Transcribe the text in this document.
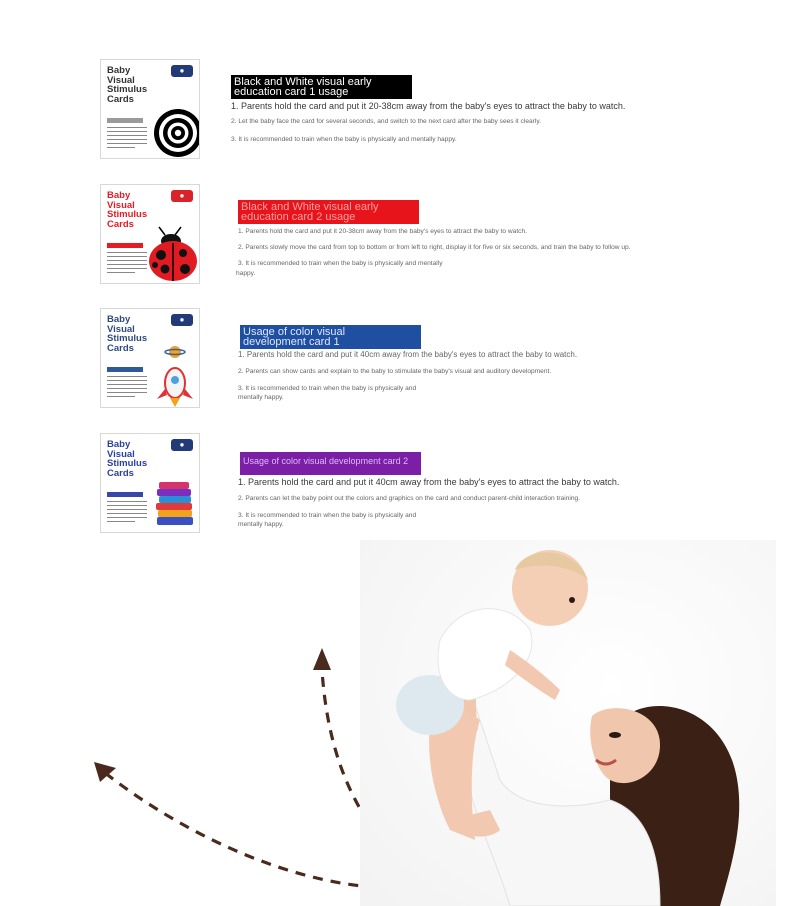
Baby
Visual
Stimulus
Cards
◉
Black and White visual early
education card 1 usage
1. Parents hold the card and put it 20-38cm away from the baby's eyes to attract the baby to watch.
2. Let the baby face the card for several seconds, and switch to the next card after the baby sees it clearly.
3. It is recommended to train when the baby is physically and mentally happy.
Baby
Visual
Stimulus
Cards
◉
Black and White visual early
education card 2 usage
1. Parents hold the card and put it 20-38cm away from the baby's eyes to attract the baby to watch.
2. Parents slowly move the card from top to bottom or from left to right, display it for five or six seconds, and train the baby to follow up.
3. It is recommended to train when the baby is physically and mentally
happy.
Baby
Visual
Stimulus
Cards
◉
Usage of color visual
development card 1
1. Parents hold the card and put it 40cm away from the baby's eyes to attract the baby to watch.
2. Parents can show cards and explain to the baby to stimulate the baby's visual and auditory development.
3. It is recommended to train when the baby is physically and
mentally happy.
Baby
Visual
Stimulus
Cards
◉
Usage of color visual development card 2
1. Parents hold the card and put it 40cm away from the baby's eyes to attract the baby to watch.
2. Parents can let the baby point out the colors and graphics on the card and conduct parent-child interaction training.
3. It is recommended to train when the baby is physically and
mentally happy.
